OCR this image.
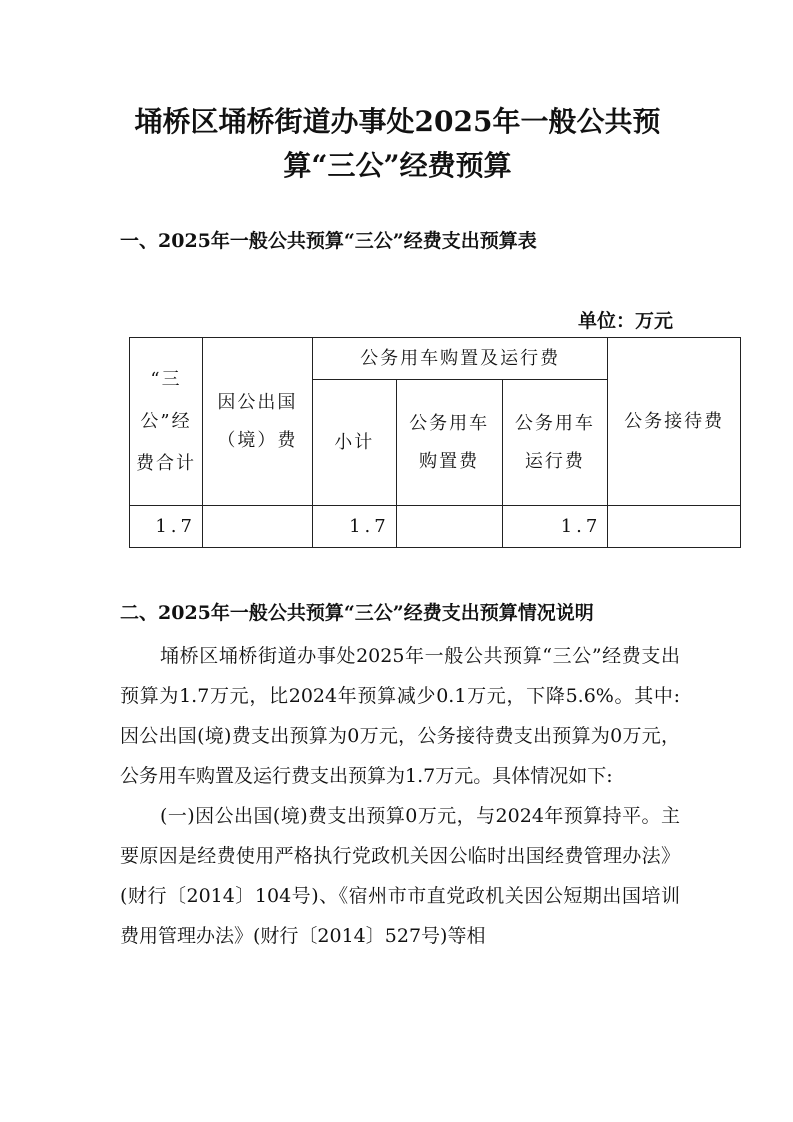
埇桥区埇桥街道办事处2025年一般公共预
算“三公”经费预算
一、2025年一般公共预算“三公”经费支出预算表
单位：万元
“三公”经费合计	因公出国（境）费	公务用车购置及运行费			公务接待费
		小计	公务用车购置费	公务用车运行费	
1.7		1.7		1.7	
二、2025年一般公共预算“三公”经费支出预算情况说明

埇桥区埇桥街道办事处2025年一般公共预算“三公”经费支出预算为1.7万元，比2024年预算减少0.1万元，下降5.6%。其中:因公出国(境)费支出预算为0万元，公务接待费支出预算为0万元，公务用车购置及运行费支出预算为1.7万元。具体情况如下:

(一)因公出国(境)费支出预算0万元，与2024年预算持平。主要原因是经费使用严格执行党政机关因公临时出国经费管理办法》(财行〔2014〕104号)、《宿州市市直党政机关因公短期出国培训费用管理办法》(财行〔2014〕527号)等相
